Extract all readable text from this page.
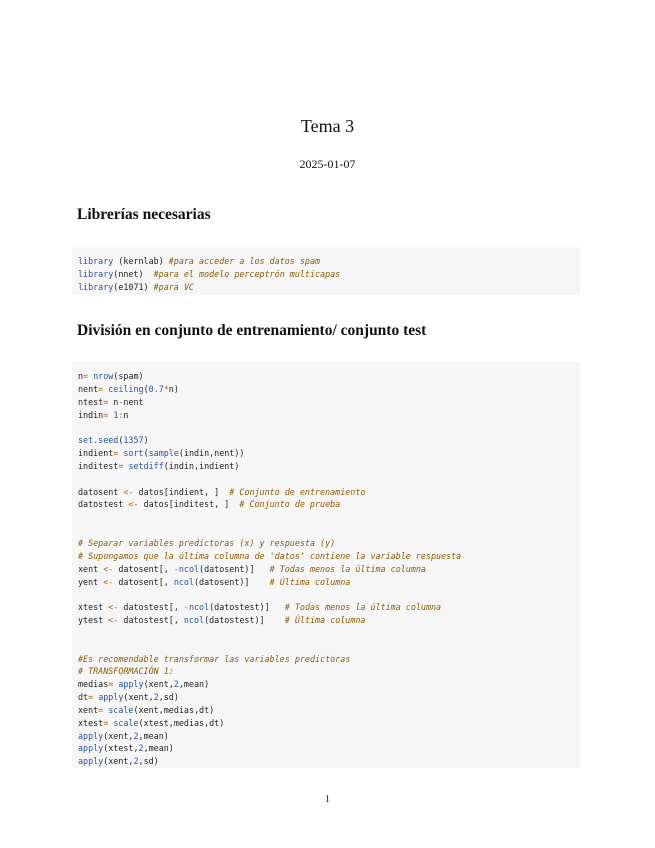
Tema 3
2025-01-07
Librerías necesarias
library (kernlab) #para acceder a los datos spam
library(nnet)  #para el modelo perceptrón multicapas
library(e1071) #para VC
División en conjunto de entrenamiento/ conjunto test
n= nrow(spam)
nent= ceiling(0.7*n)
ntest= n-nent
indin= 1:n

set.seed(1357)
indient= sort(sample(indin,nent))
inditest= setdiff(indin,indient)

datosent <- datos[indient, ]  # Conjunto de entrenamiento
datostest <- datos[inditest, ]  # Conjunto de prueba

# Separar variables predictoras (x) y respuesta (y)
# Supongamos que la última columna de 'datos' contiene la variable respuesta
xent <- datosent[, -ncol(datosent)]   # Todas menos la última columna
yent <- datosent[, ncol(datosent)]    # Última columna

xtest <- datostest[, -ncol(datostest)]   # Todas menos la última columna
ytest <- datostest[, ncol(datostest)]    # Última columna

#Es recomendable transformar las variables predictoras
# TRANSFORMACIÓN 1:
medias= apply(xent,2,mean)
dt= apply(xent,2,sd)
xent= scale(xent,medias,dt)
xtest= scale(xtest,medias,dt)
apply(xent,2,mean)
apply(xtest,2,mean)
apply(xent,2,sd)
1
